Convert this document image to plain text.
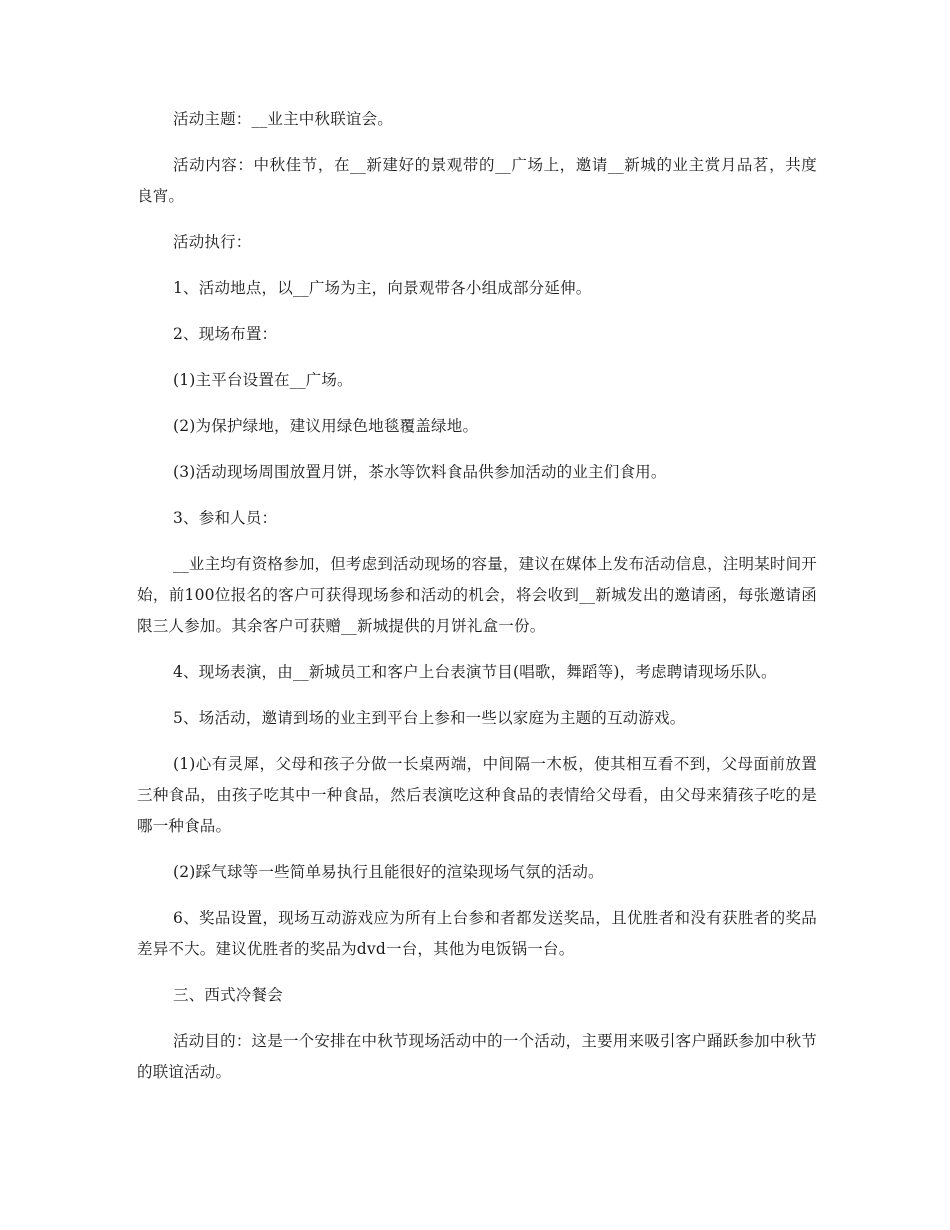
活动主题：__业主中秋联谊会。

活动内容：中秋佳节，在__新建好的景观带的__广场上，邀请__新城的业主赏月品茗，共度良宵。

活动执行：

1、活动地点，以__广场为主，向景观带各小组成部分延伸。

2、现场布置：

(1)主平台设置在__广场。

(2)为保护绿地，建议用绿色地毯覆盖绿地。

(3)活动现场周围放置月饼，茶水等饮料食品供参加活动的业主们食用。

3、参和人员：

__业主均有资格参加，但考虑到活动现场的容量，建议在媒体上发布活动信息，注明某时间开始，前100位报名的客户可获得现场参和活动的机会，将会收到__新城发出的邀请函，每张邀请函限三人参加。其余客户可获赠__新城提供的月饼礼盒一份。

4、现场表演，由__新城员工和客户上台表演节目(唱歌，舞蹈等)，考虑聘请现场乐队。

5、场活动，邀请到场的业主到平台上参和一些以家庭为主题的互动游戏。

(1)心有灵犀，父母和孩子分做一长桌两端，中间隔一木板，使其相互看不到，父母面前放置三种食品，由孩子吃其中一种食品，然后表演吃这种食品的表情给父母看，由父母来猜孩子吃的是哪一种食品。

(2)踩气球等一些简单易执行且能很好的渲染现场气氛的活动。

6、奖品设置，现场互动游戏应为所有上台参和者都发送奖品，且优胜者和没有获胜者的奖品差异不大。建议优胜者的奖品为dvd一台，其他为电饭锅一台。

三、西式冷餐会

活动目的：这是一个安排在中秋节现场活动中的一个活动，主要用来吸引客户踊跃参加中秋节的联谊活动。
